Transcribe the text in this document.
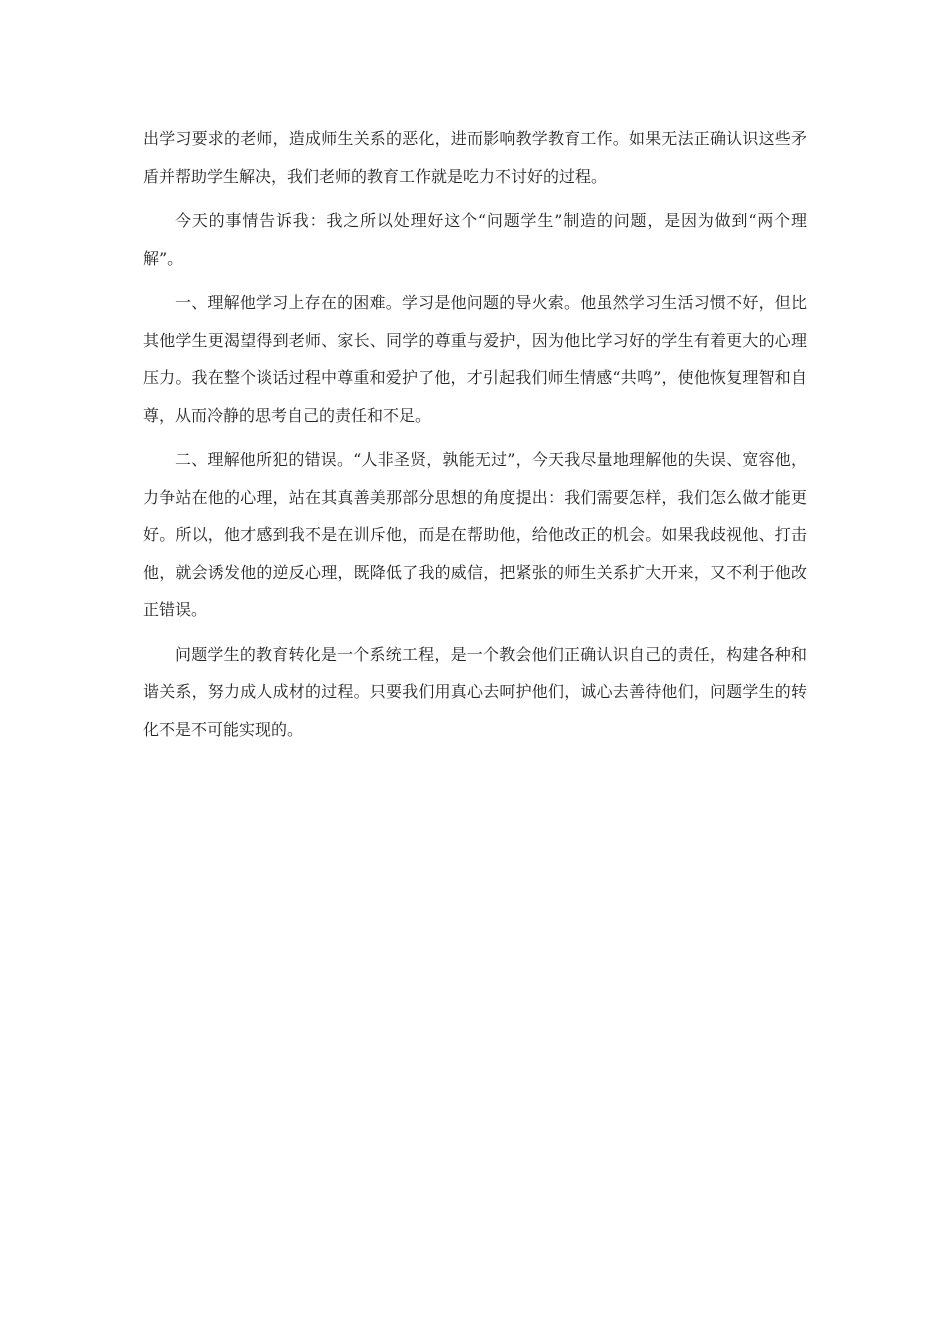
出学习要求的老师，造成师生关系的恶化，进而影响教学教育工作。如果无法正确认识这些矛盾并帮助学生解决，我们老师的教育工作就是吃力不讨好的过程。

今天的事情告诉我：我之所以处理好这个“问题学生”制造的问题，是因为做到“两个理解”。

一、理解他学习上存在的困难。学习是他问题的导火索。他虽然学习生活习惯不好，但比其他学生更渴望得到老师、家长、同学的尊重与爱护，因为他比学习好的学生有着更大的心理压力。我在整个谈话过程中尊重和爱护了他，才引起我们师生情感“共鸣”，使他恢复理智和自尊，从而冷静的思考自己的责任和不足。

二、理解他所犯的错误。“人非圣贤，孰能无过”，今天我尽量地理解他的失误、宽容他，力争站在他的心理，站在其真善美那部分思想的角度提出：我们需要怎样，我们怎么做才能更好。所以，他才感到我不是在训斥他，而是在帮助他，给他改正的机会。如果我歧视他、打击他，就会诱发他的逆反心理，既降低了我的威信，把紧张的师生关系扩大开来，又不利于他改正错误。

问题学生的教育转化是一个系统工程，是一个教会他们正确认识自己的责任，构建各种和谐关系，努力成人成材的过程。只要我们用真心去呵护他们，诚心去善待他们，问题学生的转化不是不可能实现的。
